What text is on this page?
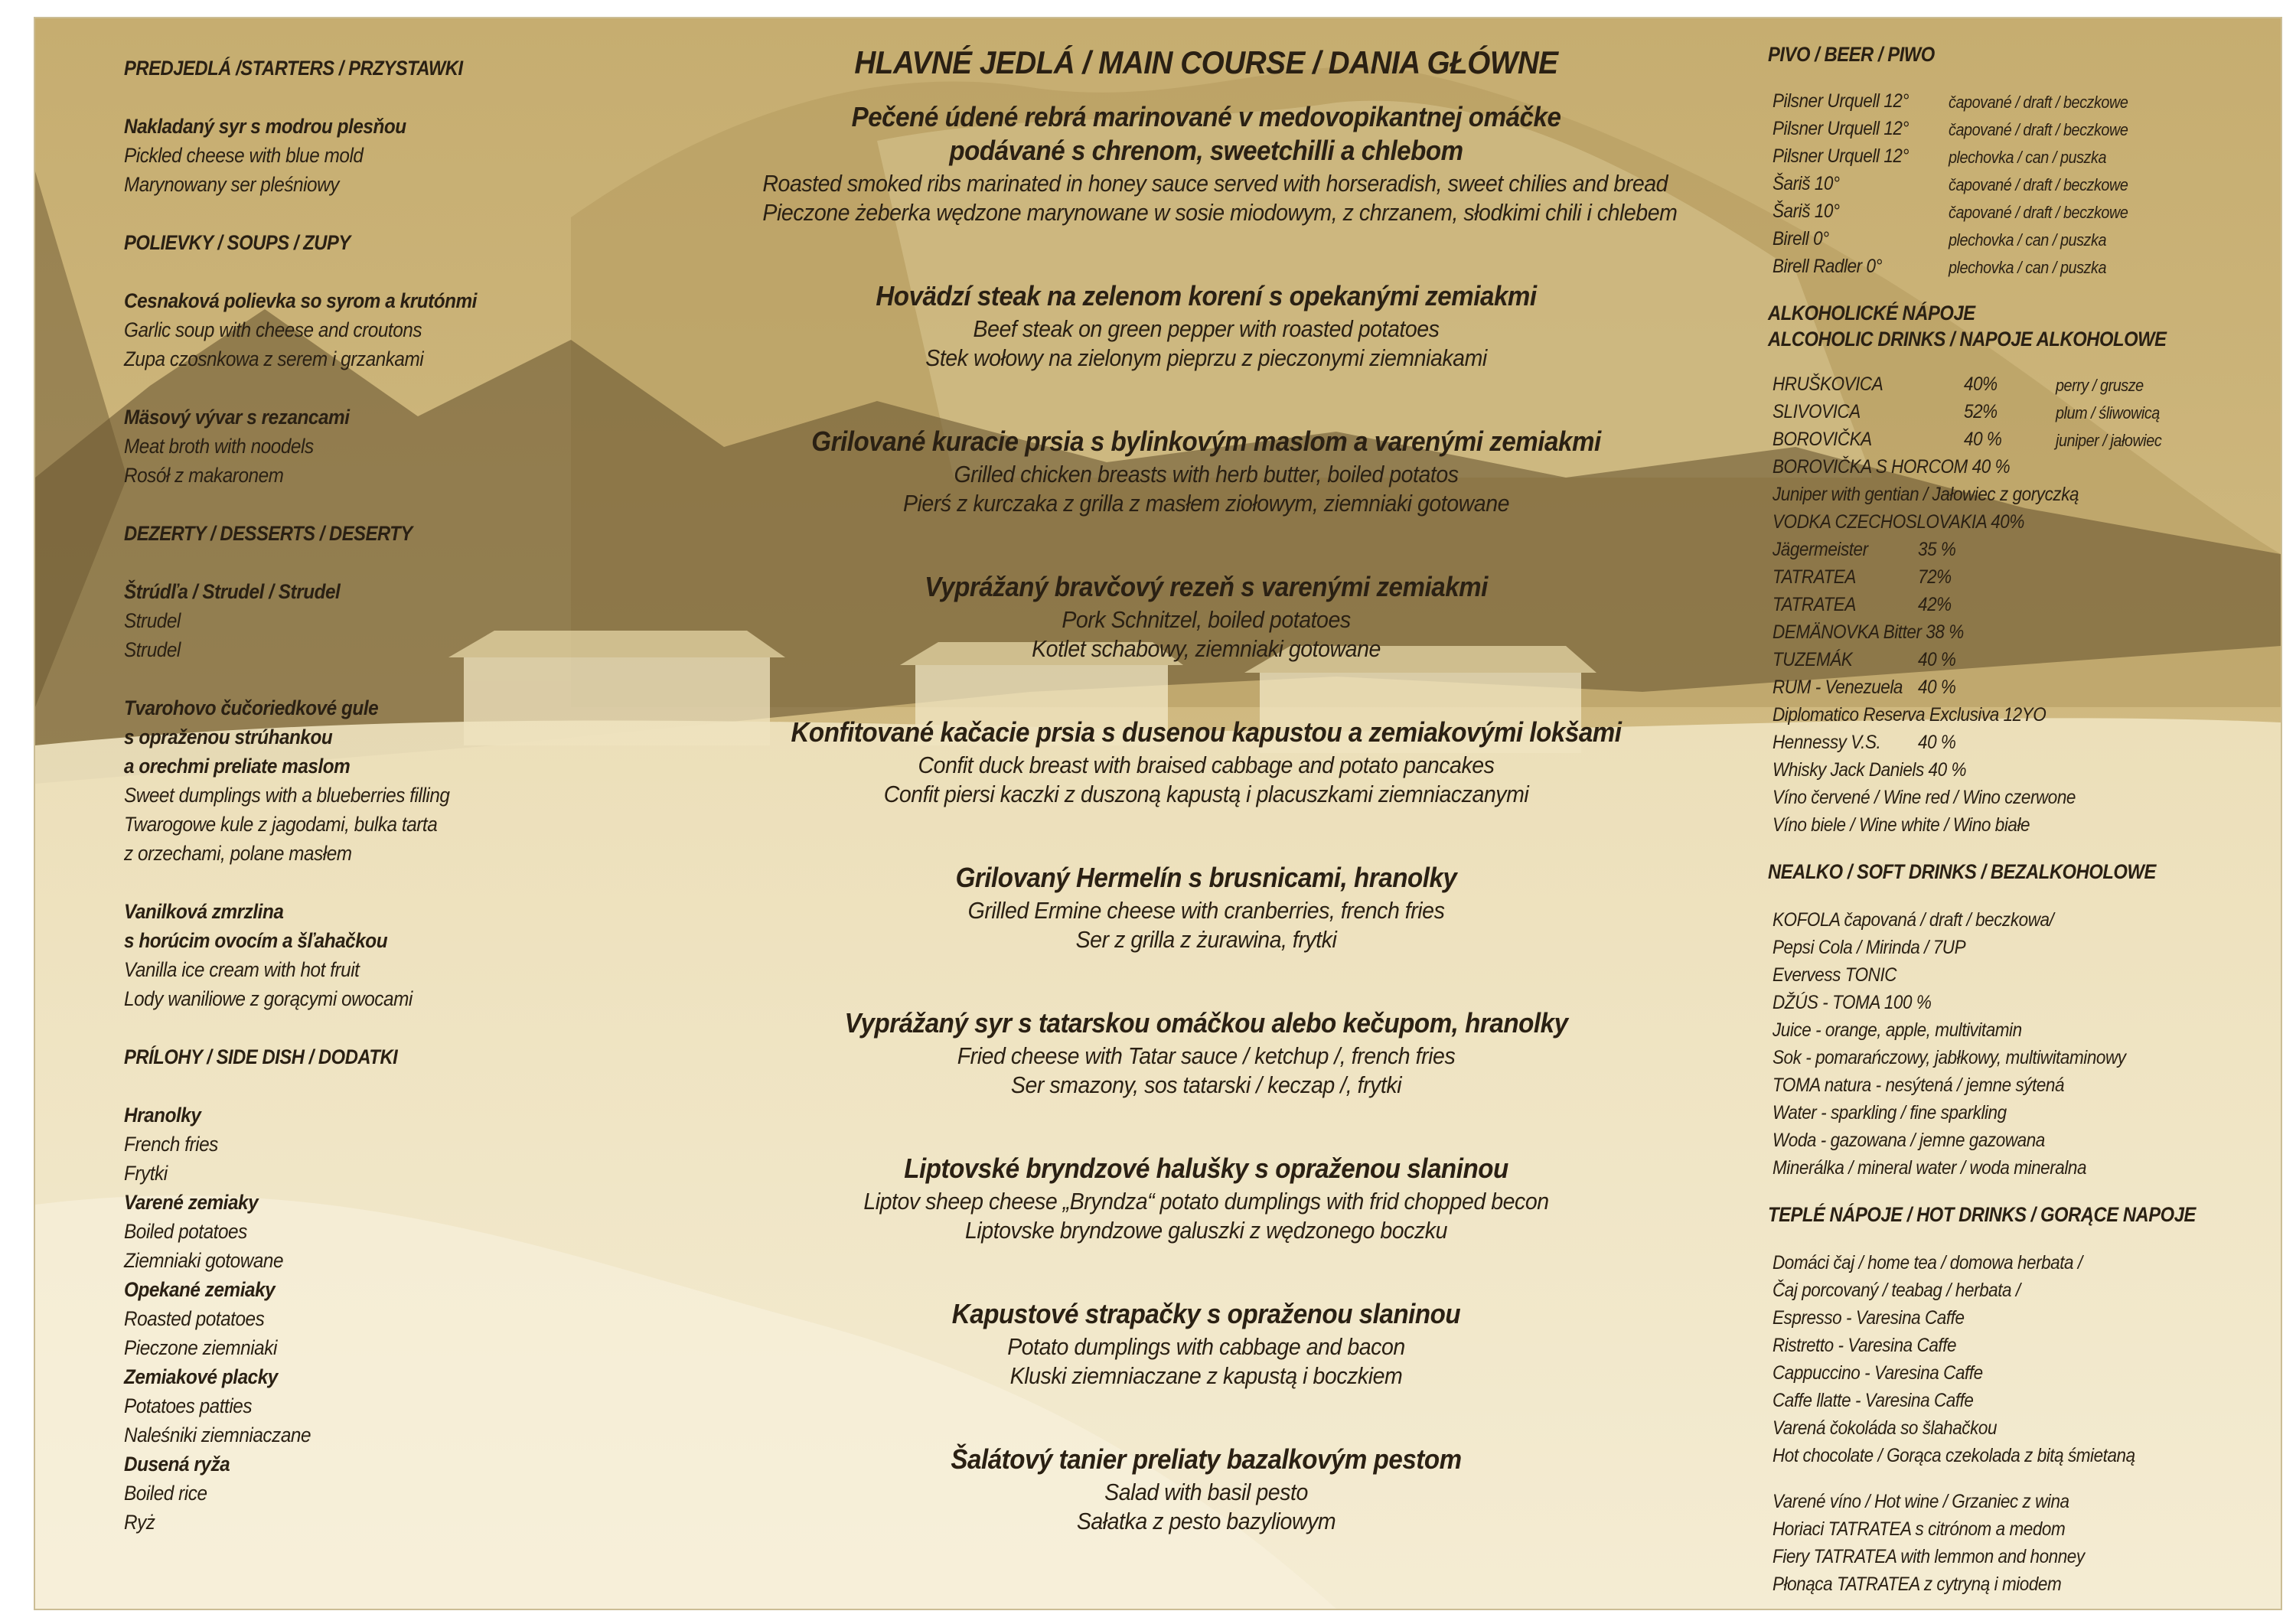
PREDJEDLÁ /STARTERS / PRZYSTAWKI
Nakladaný syr s modrou plesňou
Pickled cheese with blue mold
Marynowany ser pleśniowy
POLIEVKY / SOUPS / ZUPY
Cesnaková polievka so syrom a krutónmi
Garlic soup with cheese and croutons
Zupa czosnkowa z serem i grzankami
Mäsový vývar s rezancami
Meat broth with noodels
Rosół z makaronem
DEZERTY / DESSERTS / DESERTY
Štrúdľa / Strudel / Strudel
Strudel
Strudel
Tvarohovo čučoriedkové gule
s opraženou strúhankou
a orechmi preliate maslom
Sweet dumplings with a blueberries filling
Twarogowe kule z jagodami, bulka tarta
z orzechami, polane masłem
Vanilková zmrzlina
s horúcim ovocím a šľahačkou
Vanilla ice cream with hot fruit
Lody waniliowe z gorącymi owocami
PRÍLOHY / SIDE DISH / DODATKI
Hranolky
French fries
Frytki
Varené zemiaky
Boiled potatoes
Ziemniaki gotowane
Opekané zemiaky
Roasted potatoes
Pieczone ziemniaki
Zemiakové placky
Potatoes patties
Naleśniki ziemniaczane
Dusená ryža
Boiled rice
Ryż
HLAVNÉ JEDLÁ / MAIN COURSE / DANIA GŁÓWNE
Pečené údené rebrá marinované v medovopikantnej omáčke
podávané s chrenom, sweetchilli a chlebom
Roasted smoked ribs marinated in honey sauce served with horseradish, sweet chilies and bread
Pieczone żeberka wędzone marynowane w sosie miodowym, z chrzanem, słodkimi chili i chlebem
Hovädzí steak na zelenom korení s opekanými zemiakmi
Beef steak on green pepper with roasted potatoes
Stek wołowy na zielonym pieprzu z pieczonymi ziemniakami
Grilované kuracie prsia s bylinkovým maslom a varenými zemiakmi
Grilled chicken breasts with herb butter, boiled potatos
Pierś z kurczaka z grilla z masłem ziołowym, ziemniaki gotowane
Vyprážaný bravčový rezeň s varenými zemiakmi
Pork Schnitzel, boiled potatoes
Kotlet schabowy, ziemniaki gotowane
Konfitované kačacie prsia s dusenou kapustou a zemiakovými lokšami
Confit duck breast with braised cabbage and potato pancakes
Confit piersi kaczki z duszoną kapustą i placuszkami ziemniaczanymi
Grilovaný Hermelín s brusnicami, hranolky
Grilled Ermine cheese with cranberries, french fries
Ser z grilla z żurawina, frytki
Vyprážaný syr s tatarskou omáčkou alebo kečupom, hranolky
Fried cheese with Tatar sauce / ketchup /, french fries
Ser smazony, sos tatarski / keczap /, frytki
Liptovské bryndzové halušky s opraženou slaninou
Liptov sheep cheese „Bryndza“ potato dumplings with frid chopped becon
Liptovske bryndzowe galuszki z wędzonego boczku
Kapustové strapačky s opraženou slaninou
Potato dumplings with cabbage and bacon
Kluski ziemniaczane z kapustą i boczkiem
Šalátový tanier preliaty bazalkovým pestom
Salad with basil pesto
Sałatka z pesto bazyliowym
PIVO / BEER / PIWO
Pilsner Urquell 12° čapované / draft / beczkowe
Pilsner Urquell 12° čapované / draft / beczkowe
Pilsner Urquell 12° plechovka / can / puszka
Šariš 10°	čapované / draft / beczkowe
Šariš 10°	čapované / draft / beczkowe
Birell 0°	plechovka / can / puszka
Birell Radler 0°	plechovka / can / puszka
ALKOHOLICKÉ NÁPOJE
ALCOHOLIC DRINKS / NAPOJE ALKOHOLOWE
HRUŠKOVICA	40%	perry / grusze
SLIVOVICA	52%	plum / śliwowicą
BOROVIČKA	40 %	juniper / jałowiec
BOROVIČKA S HORCOM 40 %
Juniper with gentian / Jałowiec z goryczką
VODKA CZECHOSLOVAKIA 40%
Jägermeister	35 %
TATRATEA	72%
TATRATEA	42%
DEMÄNOVKA Bitter 38 %
TUZEMÁK	40 %
RUM - Venezuela 40 %
Diplomatico Reserva Exclusiva 12YO
Hennessy V.S. 40 %
Whisky Jack Daniels 40 %
Víno červené / Wine red / Wino czerwone
Víno biele / Wine white / Wino białe
NEALKO / SOFT DRINKS / BEZALKOHOLOWE
KOFOLA čapovaná / draft / beczkowa/
Pepsi Cola / Mirinda / 7UP
Evervess TONIC
DŽÚS - TOMA 100 %
Juice - orange, apple, multivitamin
Sok - pomarańczowy, jabłkowy, multiwitaminowy
TOMA natura - nesýtená / jemne sýtená
Water - sparkling / fine sparkling
Woda - gazowana / jemne gazowana
Minerálka / mineral water / woda mineralna
TEPLÉ NÁPOJE / HOT DRINKS / GORĄCE NAPOJE
Domáci čaj / home tea / domowa herbata /
Čaj porcovaný / teabag / herbata /
Espresso - Varesina Caffe
Ristretto - Varesina Caffe
Cappuccino - Varesina Caffe
Caffe llatte - Varesina Caffe
Varená čokoláda so šlahačkou
Hot chocolate / Gorąca czekolada z bitą śmietaną
Varené víno / Hot wine / Grzaniec z wina
Horiaci TATRATEA s citrónom a medom
Fiery TATRATEA with lemmon and honney
Płonąca TATRATEA z cytryną i miodem
